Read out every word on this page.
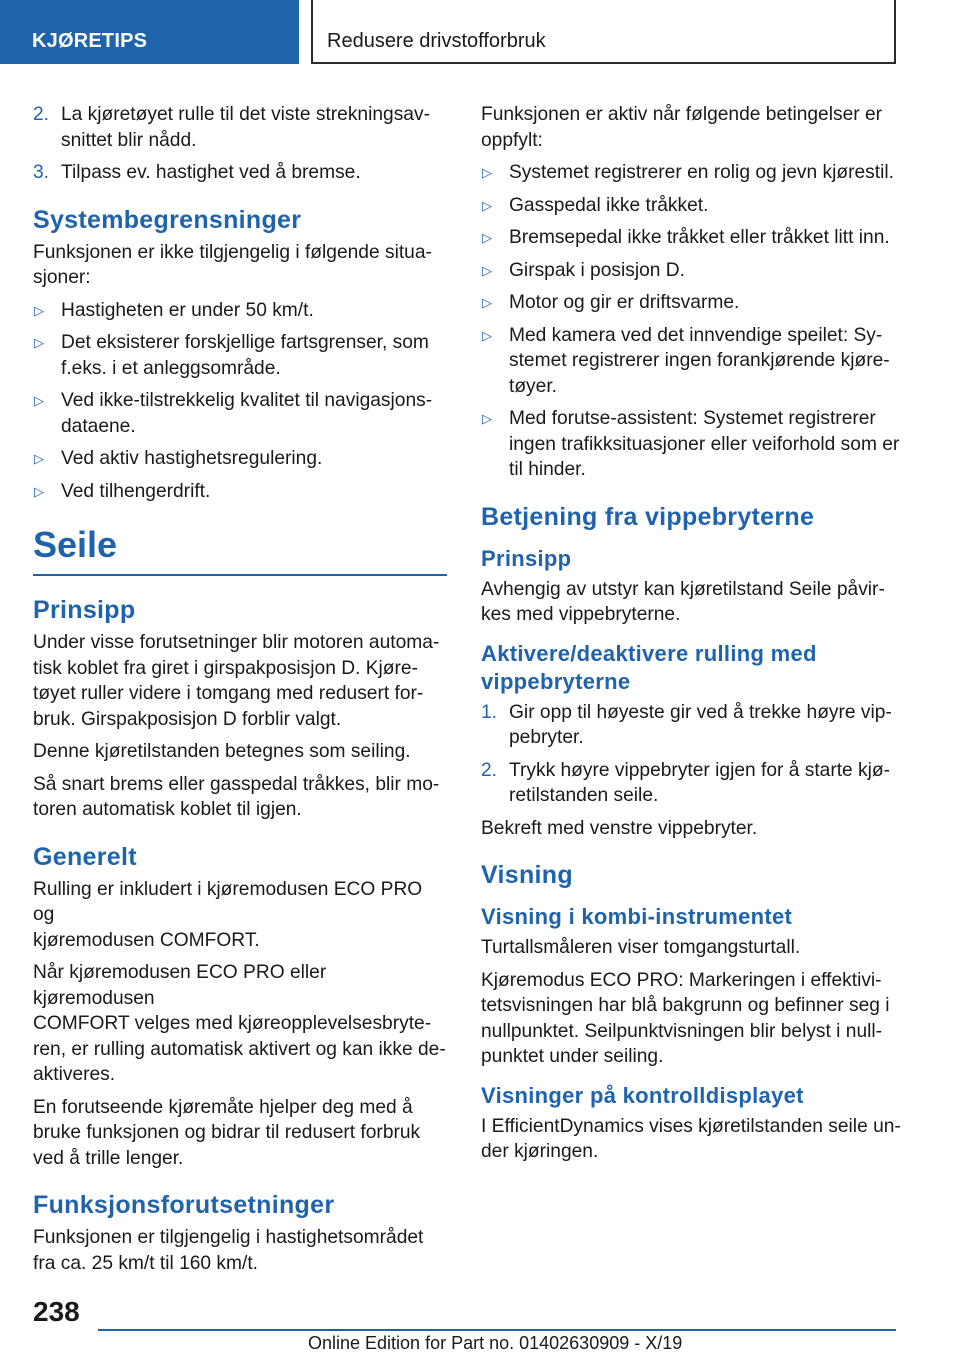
KJØRETIPS	Redusere drivstofforbruk
2. La kjøretøyet rulle til det viste strekningsav-
snittet blir nådd.
3. Tilpass ev. hastighet ved å bremse.
Systembegrensninger

Funksjonen er ikke tilgjengelig i følgende situa-
sjoner:

▷ Hastigheten er under 50 km/t.
▷ Det eksisterer forskjellige fartsgrenser, som
f.eks. i et anleggsområde.
▷ Ved ikke-tilstrekkelig kvalitet til navigasjons-
dataene.
▷ Ved aktiv hastighetsregulering.
▷ Ved tilhengerdrift.
Seile
Prinsipp

Under visse forutsetninger blir motoren automa-
tisk koblet fra giret i girspakposisjon D. Kjøre-
tøyet ruller videre i tomgang med redusert for-
bruk. Girspakposisjon D forblir valgt.

Denne kjøretilstanden betegnes som seiling.

Så snart brems eller gasspedal tråkkes, blir mo-
toren automatisk koblet til igjen.

Generelt

Rulling er inkludert i kjøremodusen ECO PRO og
kjøremodusen COMFORT.

Når kjøremodusen ECO PRO eller kjøremodusen
COMFORT velges med kjøreopplevelsesbryte-
ren, er rulling automatisk aktivert og kan ikke de-
aktiveres.

En forutseende kjøremåte hjelper deg med å
bruke funksjonen og bidrar til redusert forbruk
ved å trille lenger.

Funksjonsforutsetninger

Funksjonen er tilgjengelig i hastighetsområdet
fra ca. 25 km/t til 160 km/t.

Funksjonen er aktiv når følgende betingelser er
oppfylt:

▷ Systemet registrerer en rolig og jevn kjørestil.
▷ Gasspedal ikke tråkket.
▷ Bremsepedal ikke tråkket eller tråkket litt inn.
▷ Girspak i posisjon D.
▷ Motor og gir er driftsvarme.
▷ Med kamera ved det innvendige speilet: Sy-
stemet registrerer ingen forankjørende kjøre-
tøyer.
▷ Med forutse-assistent: Systemet registrerer
ingen trafikksituasjoner eller veiforhold som er
til hinder.
Betjening fra vippebryterne
Prinsipp

Avhengig av utstyr kan kjøretilstand Seile påvir-
kes med vippebryterne.

Aktivere/deaktivere rulling med
vippebryterne
1. Gir opp til høyeste gir ved å trekke høyre vip-
pebryter.
2. Trykk høyre vippebryter igjen for å starte kjø-
retilstanden seile.

Bekreft med venstre vippebryter.

Visning
Visning i kombi-instrumentet

Turtallsmåleren viser tomgangsturtall.

Kjøremodus ECO PRO: Markeringen i effektivi-
tetsvisningen har blå bakgrunn og befinner seg i
nullpunktet. Seilpunktvisningen blir belyst i null-
punktet under seiling.

Visninger på kontrolldisplayet

I EfficientDynamics vises kjøretilstanden seile un-
der kjøringen.

238
Online Edition for Part no. 01402630909 - X/19
